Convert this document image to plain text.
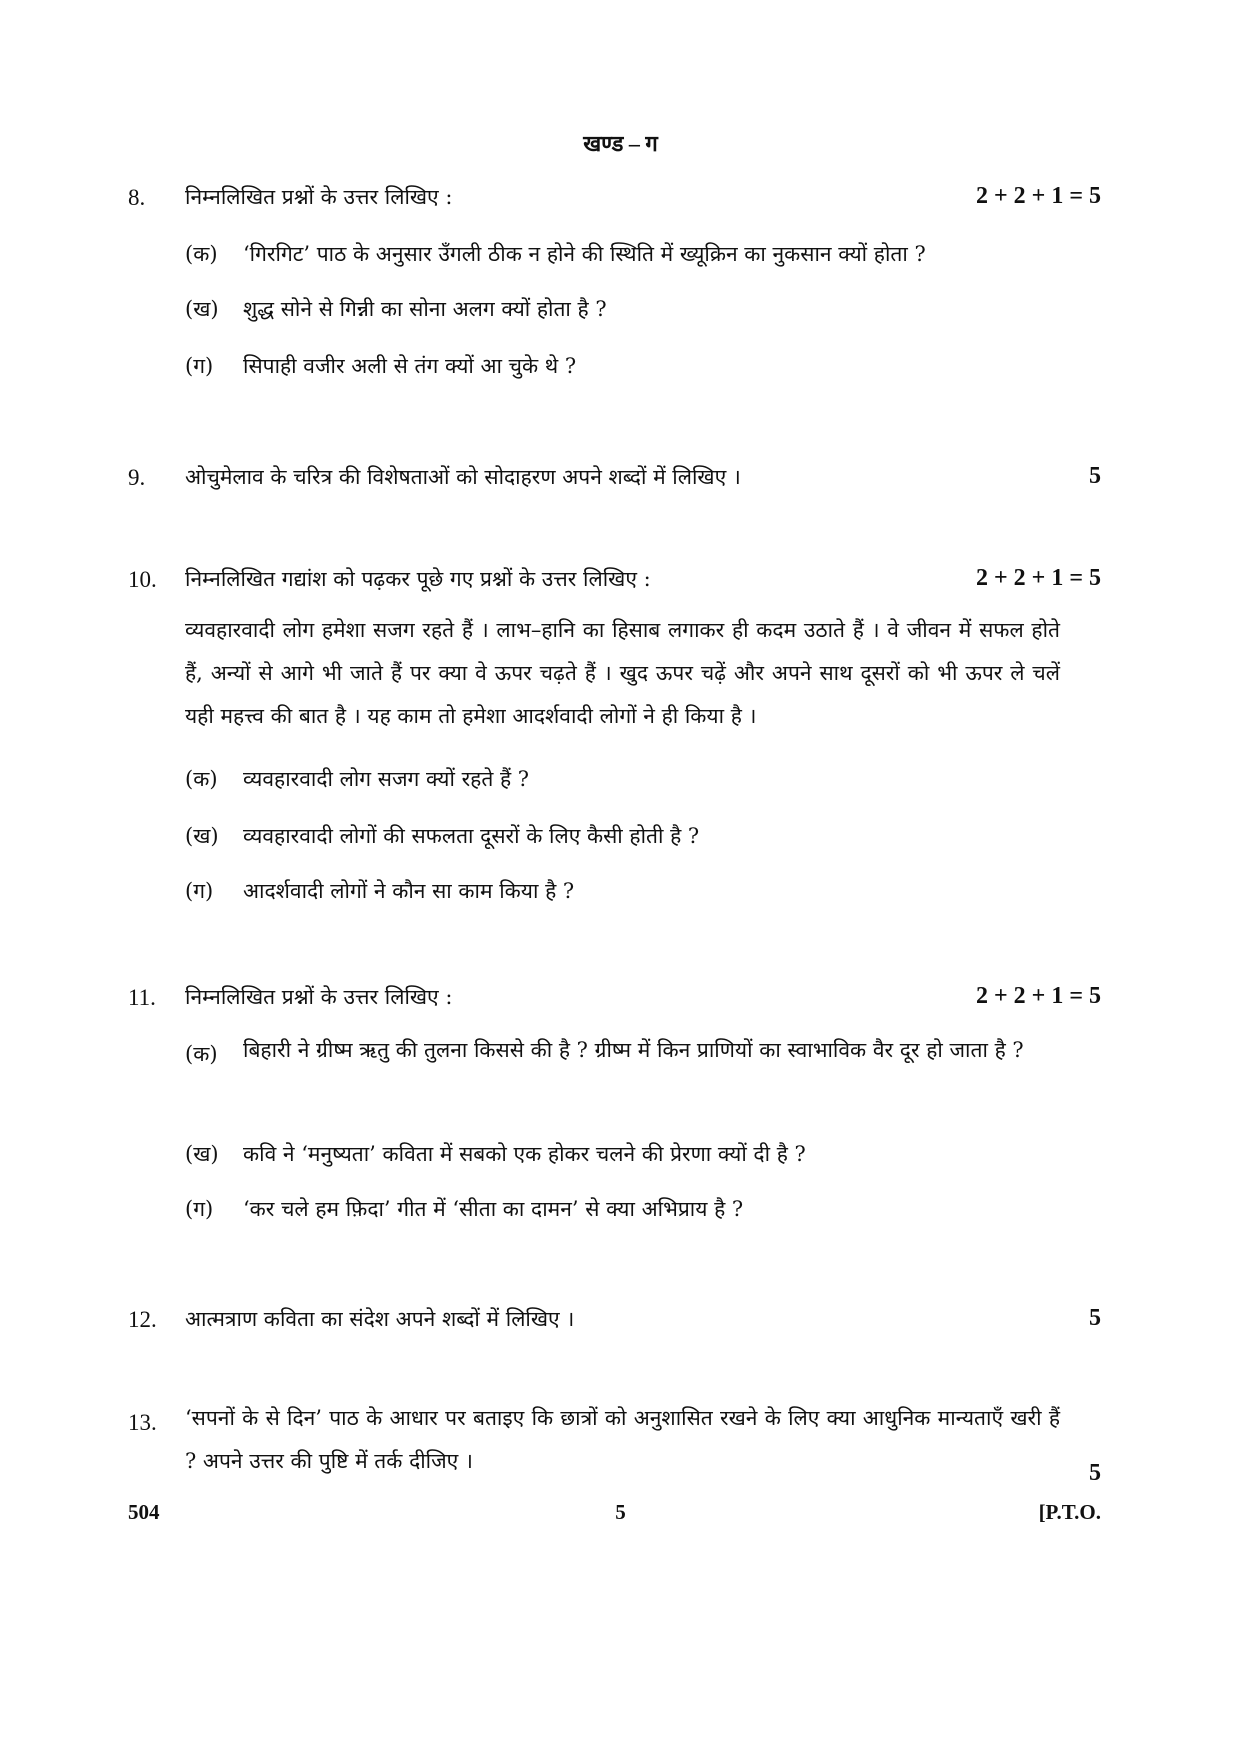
खण्ड – ग
8. निम्नलिखित प्रश्नों के उत्तर लिखिए :	2 + 2 + 1 = 5
(क) ‘गिरगिट’ पाठ के अनुसार उँगली ठीक न होने की स्थिति में ख्यूक्रिन का नुकसान क्यों होता ?
(ख) शुद्ध सोने से गिन्नी का सोना अलग क्यों होता है ?
(ग) सिपाही वजीर अली से तंग क्यों आ चुके थे ?
9. ओचुमेलाव के चरित्र की विशेषताओं को सोदाहरण अपने शब्दों में लिखिए ।	5
10. निम्नलिखित गद्यांश को पढ़कर पूछे गए प्रश्नों के उत्तर लिखिए :	2 + 2 + 1 = 5
व्यवहारवादी लोग हमेशा सजग रहते हैं । लाभ–हानि का हिसाब लगाकर ही कदम उठाते हैं । वे जीवन में सफल होते हैं, अन्यों से आगे भी जाते हैं पर क्या वे ऊपर चढ़ते हैं । खुद ऊपर चढ़ें और अपने साथ दूसरों को भी ऊपर ले चलें यही महत्त्व की बात है । यह काम तो हमेशा आदर्शवादी लोगों ने ही किया है ।
(क) व्यवहारवादी लोग सजग क्यों रहते हैं ?
(ख) व्यवहारवादी लोगों की सफलता दूसरों के लिए कैसी होती है ?
(ग) आदर्शवादी लोगों ने कौन सा काम किया है ?
11. निम्नलिखित प्रश्नों के उत्तर लिखिए :	2 + 2 + 1 = 5
(क) बिहारी ने ग्रीष्म ऋतु की तुलना किससे की है ? ग्रीष्म में किन प्राणियों का स्वाभाविक वैर दूर हो जाता है ?
(ख) कवि ने ‘मनुष्यता’ कविता में सबको एक होकर चलने की प्रेरणा क्यों दी है ?
(ग) ‘कर चले हम फ़िदा’ गीत में ‘सीता का दामन’ से क्या अभिप्राय है ?
12. आत्मत्राण कविता का संदेश अपने शब्दों में लिखिए ।	5
13. ‘सपनों के से दिन’ पाठ के आधार पर बताइए कि छात्रों को अनुशासित रखने के लिए क्या आधुनिक मान्यताएँ खरी हैं ? अपने उत्तर की पुष्टि में तर्क दीजिए ।	5
504	5	[P.T.O.
